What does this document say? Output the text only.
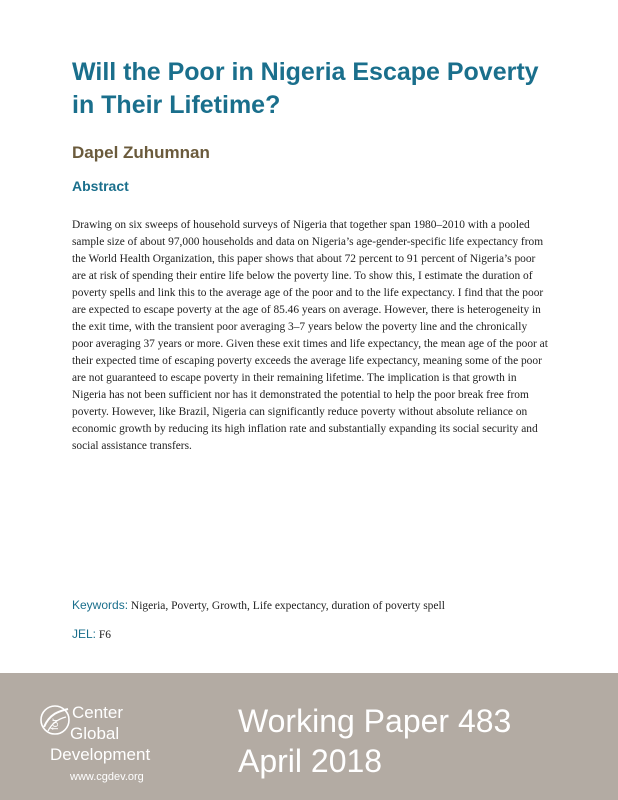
Will the Poor in Nigeria Escape Poverty in Their Lifetime?
Dapel Zuhumnan
Abstract

Drawing on six sweeps of household surveys of Nigeria that together span 1980–2010 with a pooled sample size of about 97,000 households and data on Nigeria’s age-gender-specific life expectancy from the World Health Organization, this paper shows that about 72 percent to 91 percent of Nigeria’s poor are at risk of spending their entire life below the poverty line. To show this, I estimate the duration of poverty spells and link this to the average age of the poor and to the life expectancy. I find that the poor are expected to escape poverty at the age of 85.46 years on average. However, there is heterogeneity in the exit time, with the transient poor averaging 3–7 years below the poverty line and the chronically poor averaging 37 years or more. Given these exit times and life expectancy, the mean age of the poor at their expected time of escaping poverty exceeds the average life expectancy, meaning some of the poor are not guaranteed to escape poverty in their remaining lifetime. The implication is that growth in Nigeria has not been sufficient nor has it demonstrated the potential to help the poor break free from poverty. However, like Brazil, Nigeria can significantly reduce poverty without absolute reliance on economic growth by reducing its high inflation rate and substantially expanding its social security and social assistance transfers.

Keywords: Nigeria, Poverty, Growth, Life expectancy, duration of poverty spell

JEL: F6

Center
for Global
Development
www.cgdev.org
Working Paper 483
April 2018
